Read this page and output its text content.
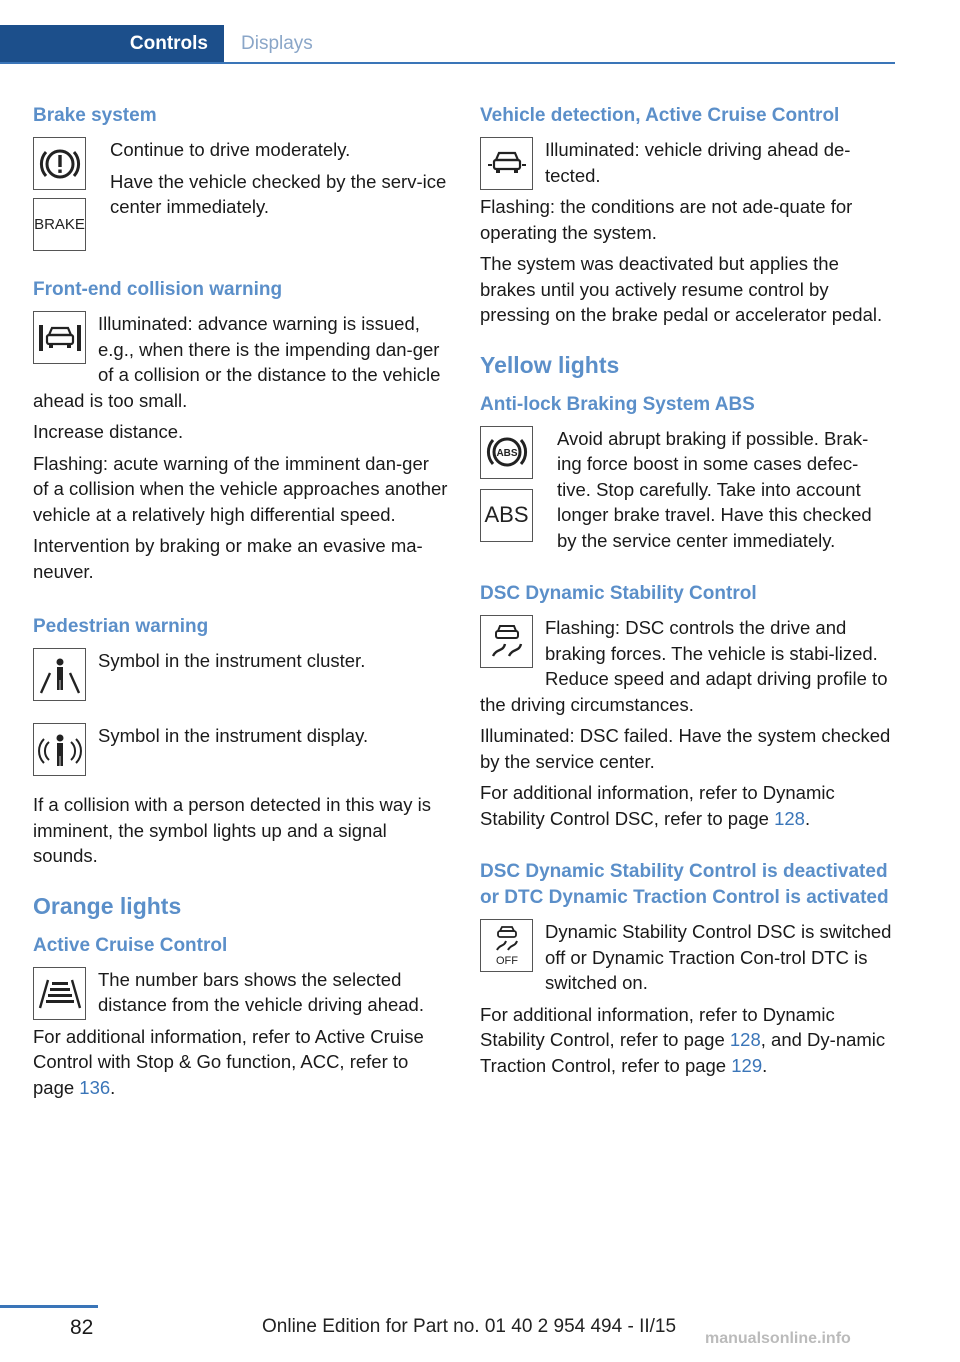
Controls	Displays
Brake system
BRAKE

Continue to drive moderately.

Have the vehicle checked by the serv‐ice center immediately.

Front-end collision warning

Illuminated: advance warning is issued, e.g., when there is the impending dan‐ger of a collision or the distance to the vehicle ahead is too small.

Increase distance.

Flashing: acute warning of the imminent dan‐ger of a collision when the vehicle approaches another vehicle at a relatively high differential speed.

Intervention by braking or make an evasive ma‐neuver.

Pedestrian warning

Symbol in the instrument cluster.

Symbol in the instrument display.

If a collision with a person detected in this way is imminent, the symbol lights up and a signal sounds.

Orange lights
Active Cruise Control

The number bars shows the selected distance from the vehicle driving ahead.

For additional information, refer to Active Cruise Control with Stop & Go function, ACC, refer to page 136.

Vehicle detection, Active Cruise Control

Illuminated: vehicle driving ahead de‐tected.

Flashing: the conditions are not ade‐quate for operating the system.

The system was deactivated but applies the brakes until you actively resume control by pressing on the brake pedal or accelerator pedal.

Yellow lights
Anti-lock Braking System ABS
ABS
ABS

Avoid abrupt braking if possible. Brak‐ing force boost in some cases defec‐tive. Stop carefully. Take into account longer brake travel. Have this checked by the service center immediately.

DSC Dynamic Stability Control

Flashing: DSC controls the drive and braking forces. The vehicle is stabi‐lized. Reduce speed and adapt driving profile to the driving circumstances.

Illuminated: DSC failed. Have the system checked by the service center.

For additional information, refer to Dynamic Stability Control DSC, refer to page 128.

DSC Dynamic Stability Control is deactivated or DTC Dynamic Traction Control is activated
OFF

Dynamic Stability Control DSC is switched off or Dynamic Traction Con‐trol DTC is switched on.

For additional information, refer to Dynamic Stability Control, refer to page 128, and Dy‐namic Traction Control, refer to page 129.

82	Online Edition for Part no. 01 40 2 954 494 - II/15
manualsonline.info
